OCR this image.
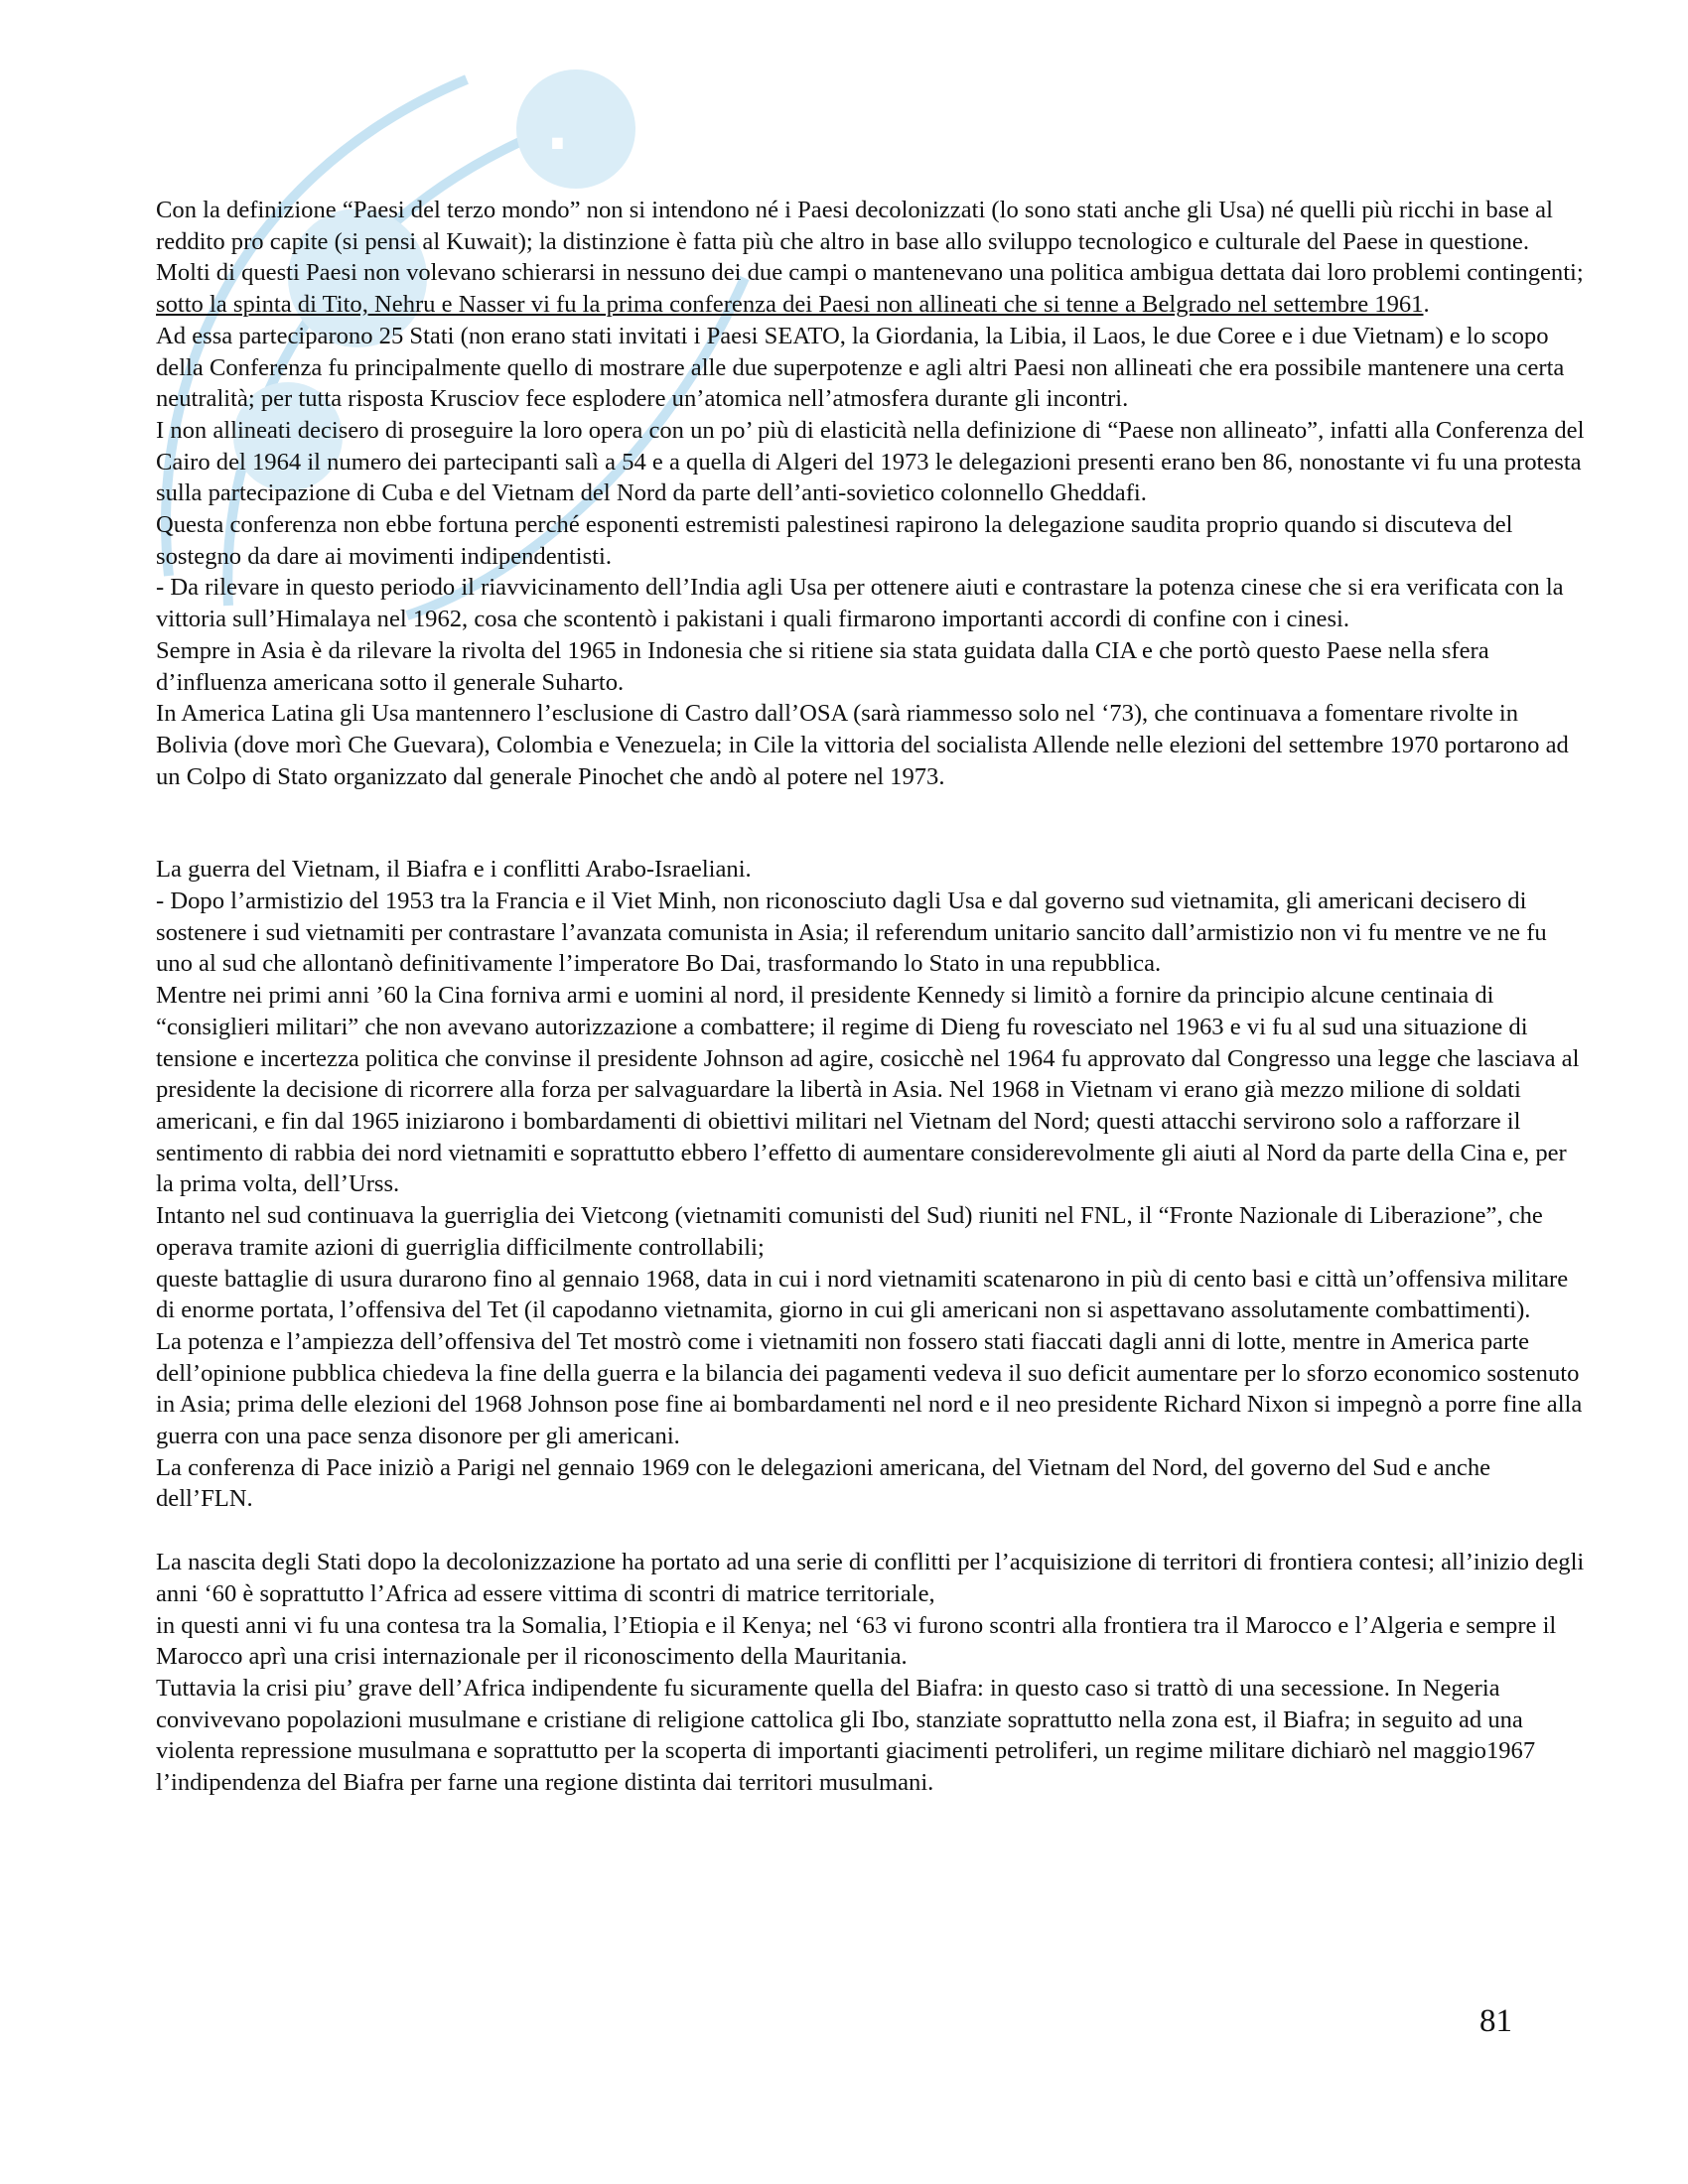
.

Con la definizione “Paesi del terzo mondo” non si intendono né i Paesi decolonizzati (lo sono stati anche gli Usa) né quelli più ricchi in base al reddito pro capite (si pensi al Kuwait); la distinzione è fatta più che altro in base allo sviluppo tecnologico e culturale del Paese in questione.

Molti di questi Paesi non volevano schierarsi in nessuno dei due campi o mantenevano una politica ambigua dettata dai loro problemi contingenti; sotto la spinta di Tito, Nehru e Nasser vi fu la prima conferenza dei Paesi non allineati che si tenne a Belgrado nel settembre 1961.

Ad essa parteciparono 25 Stati (non erano stati invitati i Paesi SEATO, la Giordania, la Libia, il Laos, le due Coree e i due Vietnam) e lo scopo della Conferenza fu principalmente quello di mostrare alle due superpotenze e agli altri Paesi non allineati che era possibile mantenere una certa neutralità; per tutta risposta Krusciov fece esplodere un’atomica nell’atmosfera durante gli incontri.

I non allineati decisero di proseguire la loro opera con un po’ più di elasticità nella definizione di “Paese non allineato”, infatti alla Conferenza del Cairo del 1964 il numero dei partecipanti salì a 54 e a quella di Algeri del 1973 le delegazioni presenti erano ben 86, nonostante vi fu una protesta sulla partecipazione di Cuba e del Vietnam del Nord da parte dell’anti-sovietico colonnello Gheddafi.

Questa conferenza non ebbe fortuna perché esponenti estremisti palestinesi rapirono la delegazione saudita proprio quando si discuteva del sostegno da dare ai movimenti indipendentisti.

- Da rilevare in questo periodo il riavvicinamento dell’India agli Usa per ottenere aiuti e contrastare la potenza cinese che si era verificata con la vittoria sull’Himalaya nel 1962, cosa che scontentò i pakistani i quali firmarono importanti accordi di confine con i cinesi.

Sempre in Asia è da rilevare la rivolta del 1965 in Indonesia che si ritiene sia stata guidata dalla CIA e che portò questo Paese nella sfera d’influenza americana sotto il generale Suharto.

In America Latina gli Usa mantennero l’esclusione di Castro dall’OSA (sarà riammesso solo nel ‘73), che continuava a fomentare rivolte in Bolivia (dove morì Che Guevara), Colombia e Venezuela; in Cile la vittoria del socialista Allende nelle elezioni del settembre 1970 portarono ad un Colpo di Stato organizzato dal generale Pinochet che andò al potere nel 1973.

La guerra del Vietnam, il Biafra e i conflitti Arabo-Israeliani.

- Dopo l’armistizio del 1953 tra la Francia e il Viet Minh, non riconosciuto dagli Usa e dal governo sud vietnamita, gli americani decisero di sostenere i sud vietnamiti per contrastare l’avanzata comunista in Asia; il referendum unitario sancito dall’armistizio non vi fu mentre ve ne fu uno al sud che allontanò definitivamente l’imperatore Bo Dai, trasformando lo Stato in una repubblica.

Mentre nei primi anni ’60 la Cina forniva armi e uomini al nord, il presidente Kennedy si limitò a fornire da principio alcune centinaia di “consiglieri militari” che non avevano autorizzazione a combattere; il regime di Dieng fu rovesciato nel 1963 e vi fu al sud una situazione di tensione e incertezza politica che convinse il presidente Johnson ad agire, cosicchè nel 1964 fu approvato dal Congresso una legge che lasciava al presidente la decisione di ricorrere alla forza per salvaguardare la libertà in Asia. Nel 1968 in Vietnam vi erano già mezzo milione di soldati americani, e fin dal 1965 iniziarono i bombardamenti di obiettivi militari nel Vietnam del Nord; questi attacchi servirono solo a rafforzare il sentimento di rabbia dei nord vietnamiti e soprattutto ebbero l’effetto di aumentare considerevolmente gli aiuti al Nord da parte della Cina e, per la prima volta, dell’Urss.

Intanto nel sud continuava la guerriglia dei Vietcong (vietnamiti comunisti del Sud) riuniti nel FNL, il “Fronte Nazionale di Liberazione”, che operava tramite azioni di guerriglia difficilmente controllabili;

queste battaglie di usura durarono fino al gennaio 1968, data in cui i nord vietnamiti scatenarono in più di cento basi e città un’offensiva militare di enorme portata, l’offensiva del Tet (il capodanno vietnamita, giorno in cui gli americani non si aspettavano assolutamente combattimenti).

La potenza e l’ampiezza dell’offensiva del Tet mostrò come i vietnamiti non fossero stati fiaccati dagli anni di lotte, mentre in America parte dell’opinione pubblica chiedeva la fine della guerra e la bilancia dei pagamenti vedeva il suo deficit aumentare per lo sforzo economico sostenuto in Asia; prima delle elezioni del 1968 Johnson pose fine ai bombardamenti nel nord e il neo presidente Richard Nixon si impegnò a porre fine alla guerra con una pace senza disonore per gli americani.

La conferenza di Pace iniziò a Parigi nel gennaio 1969 con le delegazioni americana, del Vietnam del Nord, del governo del Sud e anche dell’FLN.

La nascita degli Stati dopo la decolonizzazione ha portato ad una serie di conflitti per l’acquisizione di territori di frontiera contesi; all’inizio degli anni ‘60 è soprattutto l’Africa ad essere vittima di scontri di matrice territoriale,

in questi anni vi fu una contesa tra la Somalia, l’Etiopia e il Kenya; nel ‘63 vi furono scontri alla frontiera tra il Marocco e l’Algeria e sempre il Marocco aprì una crisi internazionale per il riconoscimento della Mauritania.

Tuttavia la crisi piu’ grave dell’Africa indipendente fu sicuramente quella del Biafra: in questo caso si trattò di una secessione. In Negeria convivevano popolazioni musulmane e cristiane di religione cattolica gli Ibo, stanziate soprattutto nella zona est, il Biafra; in seguito ad una violenta repressione musulmana e soprattutto per la scoperta di importanti giacimenti petroliferi, un regime militare dichiarò nel maggio1967 l’indipendenza del Biafra per farne una regione distinta dai territori musulmani.

81
